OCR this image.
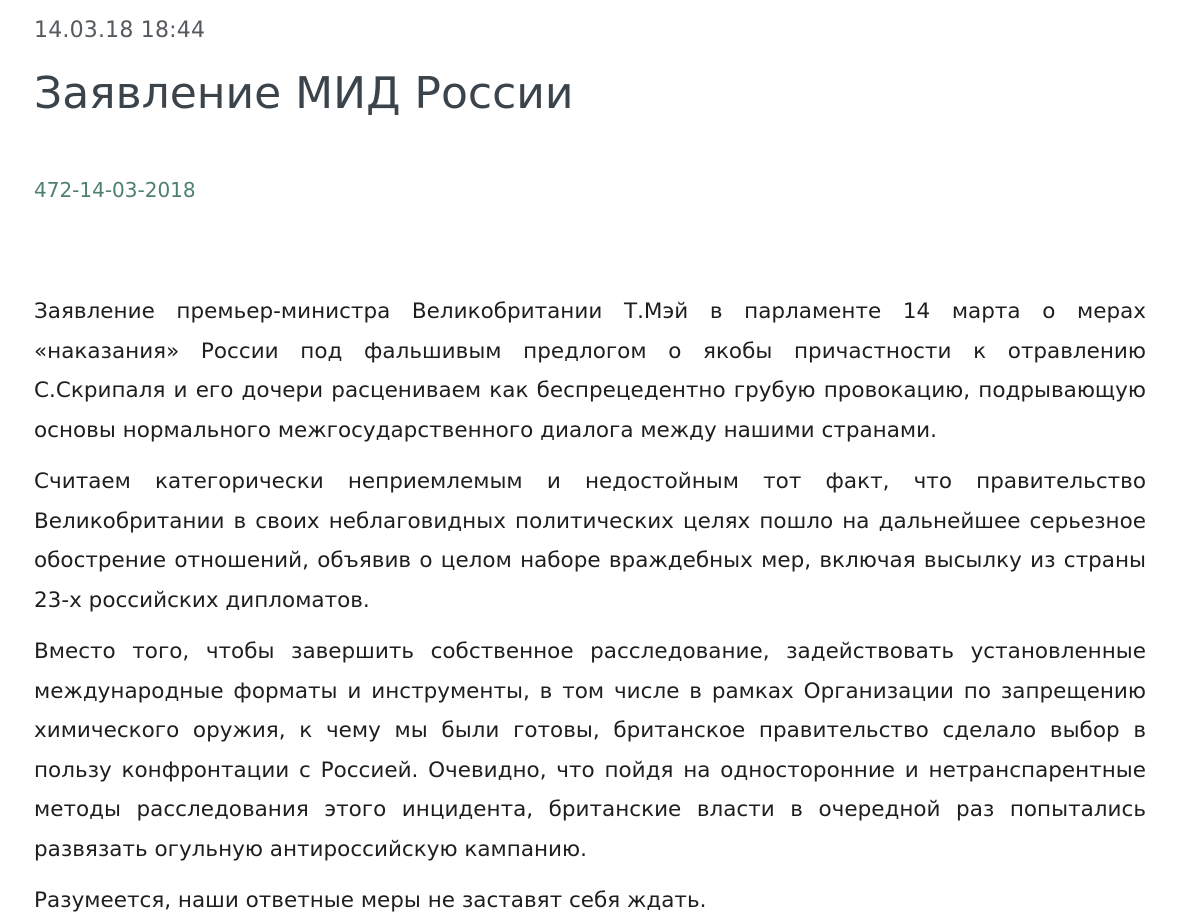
14.03.18 18:44
Заявление МИД России
472-14-03-2018

Заявление премьер-министра Великобритании Т.Мэй в парламенте 14 марта о мерах «наказания» России под фальшивым предлогом о якобы причастности к отравлению С.Скрипаля и его дочери расцениваем как беспрецедентно грубую провокацию, подрывающую основы нормального межгосударственного диалога между нашими странами.

Считаем категорически неприемлемым и недостойным тот факт, что правительство Великобритании в своих неблаговидных политических целях пошло на дальнейшее серьезное обострение отношений, объявив о целом наборе враждебных мер, включая высылку из страны 23-х российских дипломатов.

Вместо того, чтобы завершить собственное расследование, задействовать установленные международные форматы и инструменты, в том числе в рамках Организации по запрещению химического оружия, к чему мы были готовы, британское правительство сделало выбор в пользу конфронтации с Россией. Очевидно, что пойдя на односторонние и нетранспарентные методы расследования этого инцидента, британские власти в очередной раз попытались развязать огульную антироссийскую кампанию.

Разумеется, наши ответные меры не заставят себя ждать.
